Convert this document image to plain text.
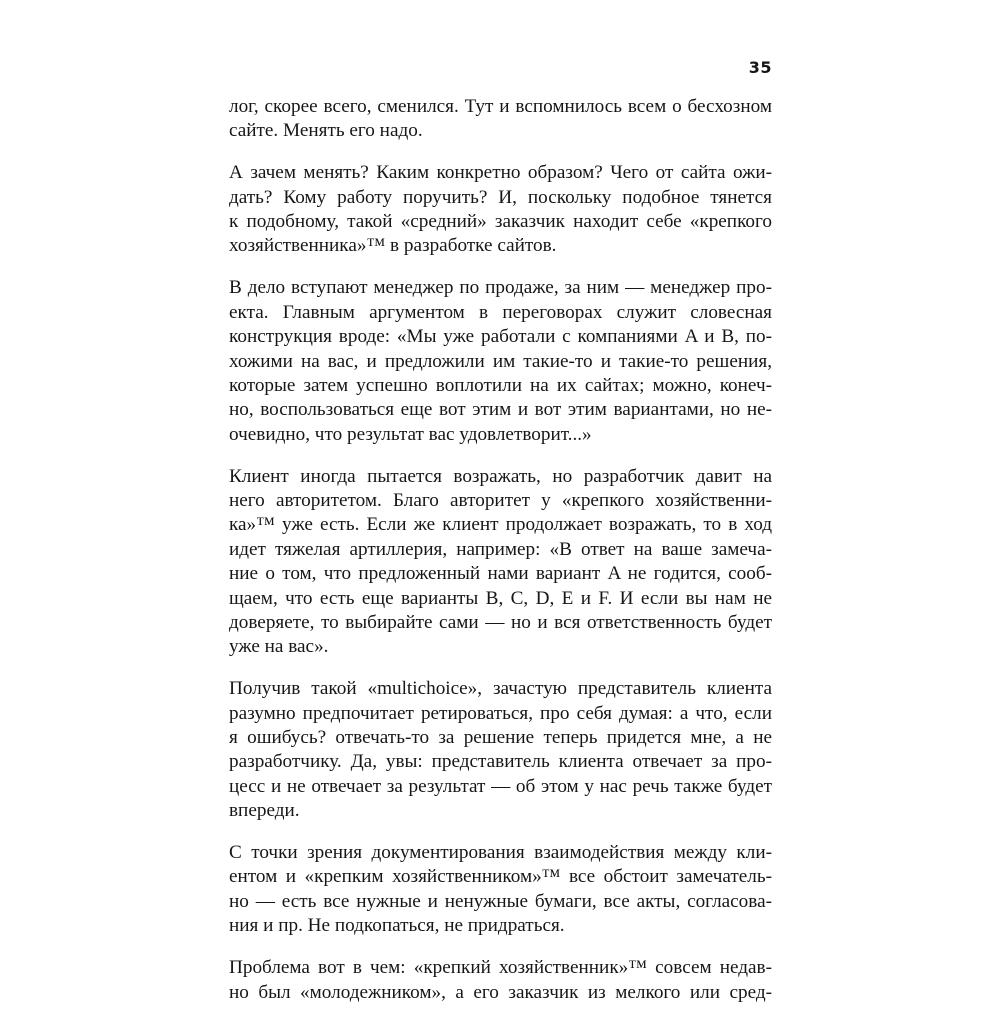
35
лог, скорее всего, сменился. Тут и вспомнилось всем о бесхозном
сайте. Менять его надо.
А зачем менять? Каким конкретно образом? Чего от сайта ожи-
дать? Кому работу поручить? И, поскольку подобное тянется
к подобному, такой «средний» заказчик находит себе «крепкого
хозяйственника»™ в разработке сайтов.
В дело вступают менеджер по продаже, за ним — менеджер про-
екта. Главным аргументом в переговорах служит словесная
конструкция вроде: «Мы уже работали с компаниями A и B, по-
хожими на вас, и предложили им такие-то и такие-то решения,
которые затем успешно воплотили на их сайтах; можно, конеч-
но, воспользоваться еще вот этим и вот этим вариантами, но не-
очевидно, что результат вас удовлетворит...»
Клиент иногда пытается возражать, но разработчик давит на
него авторитетом. Благо авторитет у «крепкого хозяйственни-
ка»™ уже есть. Если же клиент продолжает возражать, то в ход
идет тяжелая артиллерия, например: «В ответ на ваше замеча-
ние о том, что предложенный нами вариант A не годится, сооб-
щаем, что есть еще варианты B, C, D, E и F. И если вы нам не
доверяете, то выбирайте сами — но и вся ответственность будет
уже на вас».
Получив такой «multichoice», зачастую представитель клиента
разумно предпочитает ретироваться, про себя думая: а что, если
я ошибусь? отвечать-то за решение теперь придется мне, а не
разработчику. Да, увы: представитель клиента отвечает за про-
цесс и не отвечает за результат — об этом у нас речь также будет
впереди.
С точки зрения документирования взаимодействия между кли-
ентом и «крепким хозяйственником»™ все обстоит замечатель-
но — есть все нужные и ненужные бумаги, все акты, согласова-
ния и пр. Не подкопаться, не придраться.
Проблема вот в чем: «крепкий хозяйственник»™ совсем недав-
но был «молодежником», а его заказчик из мелкого или сред-
